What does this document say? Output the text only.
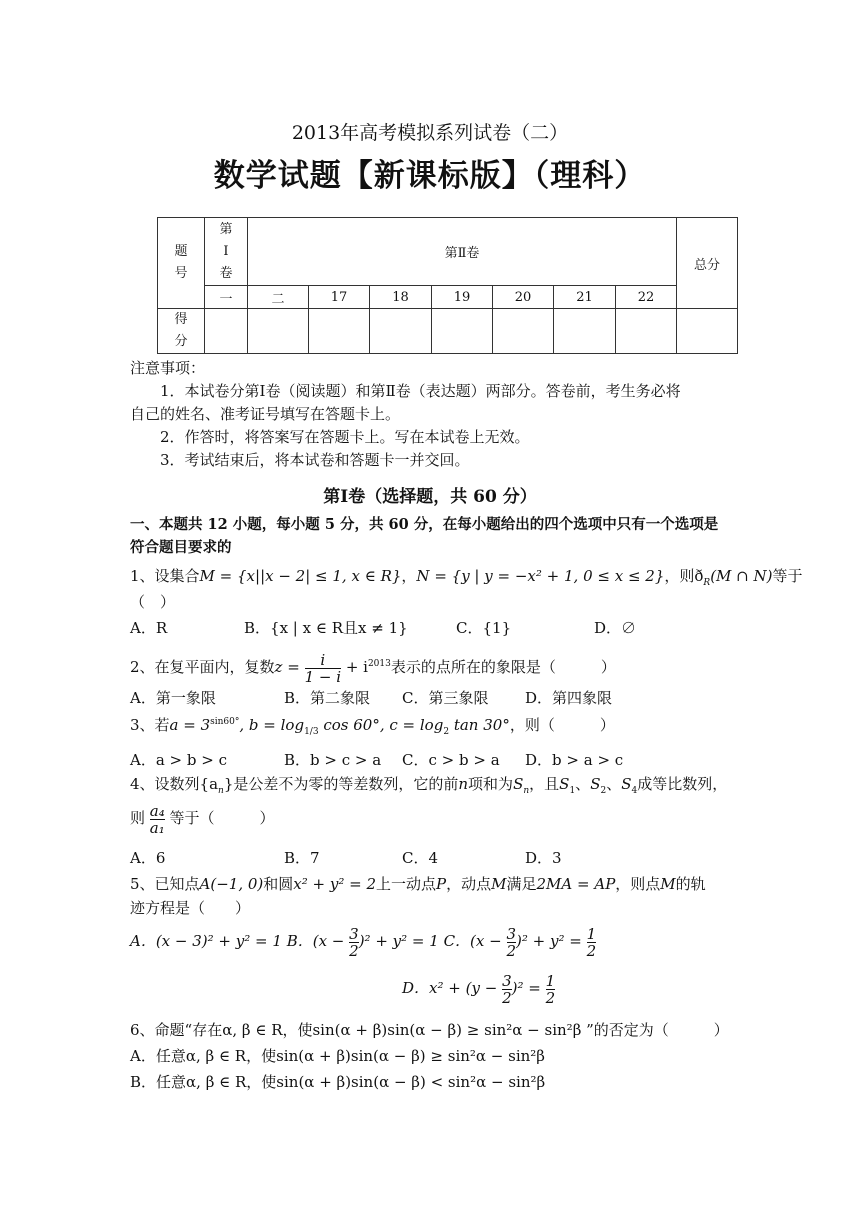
2013年高考模拟系列试卷（二）
数学试题【新课标版】（理科）
题号	第Ⅰ卷	第Ⅱ卷							总分
	一	二	17	18	19	20	21	22	

得分									

注意事项：
1．本试卷分第Ⅰ卷（阅读题）和第Ⅱ卷（表达题）两部分。答卷前，考生务必将
自己的姓名、准考证号填写在答题卡上。
2．作答时，将答案写在答题卡上。写在本试卷上无效。
3．考试结束后，将本试卷和答题卡一并交回。
第Ⅰ卷（选择题，共 60 分）
一、本题共 12 小题，每小题 5 分，共 60 分，在每小题给出的四个选项中只有一个选项是
符合题目要求的
1、设集合M = {x||x − 2| ≤ 1, x ∈ R}，N = {y | y = −x² + 1, 0 ≤ x ≤ 2}，则$ð_R(M$ ∩ N)等于
（　）
A．R	B．{x | x ∈ R且x ≠ 1}	C．{1}	D．∅
2、在复平面内，复数$z = \frac{i}{1 - i} + i^{2013}$表示的点所在的象限是（　　　）
A．第一象限	B．第二象限 C．第三象限 D．第四象限
3、若$a = 3^{sin60^\circ}$, $b = \log_{1/3} \cos 60^\circ$, $c = \log_2 \tan 30^\circ$，则（　　　）
A．a > b > c	B．b > c > a C．c > b > a D．b > a > c
4、设数列$\{a_n\}$是公差不为零的等差数列，它的前n项和为$S_n$，且$S_1$、$S_2$、$S_4$成等比数列，
则 $\frac{\text{a₄}}{\text{a₁}}$ 等于（　　　）
A．6	B．7	C．4	D．3
5、已知点A(−1, 0)和圆x² + y² = 2上一动点P，动点M满足2MA = AP，则点M的轨
迹方程是（　　）
A．(x − 3)² + y² = 1 B．$(x - \frac{3}{2} )^2 + y^2 = 1$ C．$(x - \frac{3}{2} )^2 + y^2 = \frac{1}{2}$
D．$x^2 + (y - \frac{3}{2} )^2 = \frac{1}{2}$
6、命题“存在α, β ∈ R，使sin(α + β)sin(α − β) ≥ sin²α − sin²β ”的否定为（　　　）
A．任意α, β ∈ R，使sin(α + β)sin(α − β) ≥ sin²α − sin²β
B．任意α, β ∈ R，使sin(α + β)sin(α − β) < sin²α − sin²β
